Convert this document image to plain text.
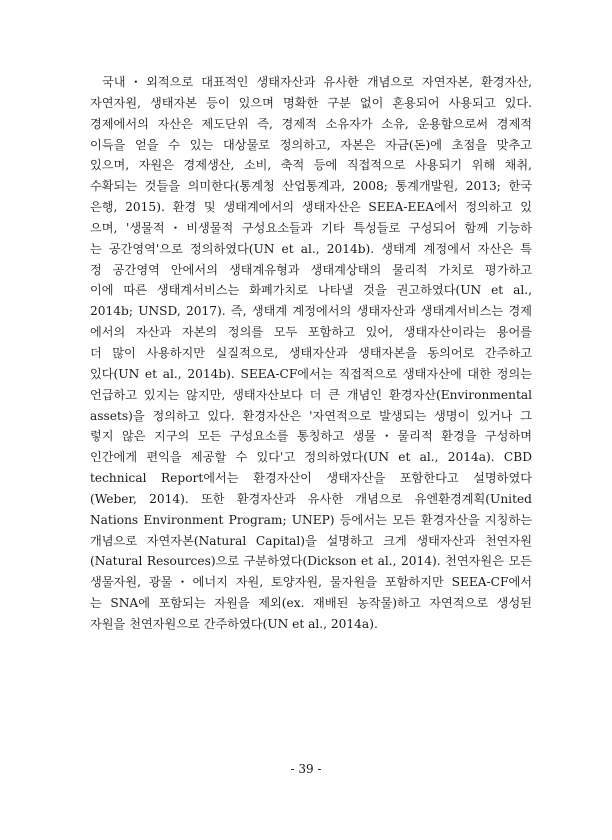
국내・외적으로 대표적인 생태자산과 유사한 개념으로 자연자본, 환경자산,
자연자원, 생태자본 등이 있으며 명확한 구분 없이 혼용되어 사용되고 있다.
경제에서의 자산은 제도단위 즉, 경제적 소유자가 소유, 운용함으로써 경제적
이득을 얻을 수 있는 대상물로 정의하고, 자본은 자금(돈)에 초점을 맞추고
있으며, 자원은 경제생산, 소비, 축적 등에 직접적으로 사용되기 위해 채취,
수확되는 것들을 의미한다(통계청 산업통계과, 2008; 통계개발원, 2013; 한국
은행, 2015). 환경 및 생태계에서의 생태자산은 SEEA-EEA에서 정의하고 있
으며, '생물적・비생물적 구성요소들과 기타 특성들로 구성되어 함께 기능하
는 공간영역'으로 정의하였다(UN et al., 2014b). 생태계 계정에서 자산은 특
정 공간영역 안에서의 생태계유형과 생태계상태의 물리적 가치로 평가하고
이에 따른 생태계서비스는 화폐가치로 나타낼 것을 권고하였다(UN et al.,
2014b; UNSD, 2017). 즉, 생태계 계정에서의 생태자산과 생태계서비스는 경제
에서의 자산과 자본의 정의를 모두 포함하고 있어, 생태자산이라는 용어를
더 많이 사용하지만 실질적으로, 생태자산과 생태자본을 동의어로 간주하고
있다(UN et al., 2014b). SEEA-CF에서는 직접적으로 생태자산에 대한 정의는
언급하고 있지는 않지만, 생태자산보다 더 큰 개념인 환경자산(Environmental
assets)을 정의하고 있다. 환경자산은 '자연적으로 발생되는 생명이 있거나 그
렇지 않은 지구의 모든 구성요소를 통칭하고 생물・물리적 환경을 구성하며
인간에게 편익을 제공할 수 있다'고 정의하였다(UN et al., 2014a). CBD
technical Report에서는 환경자산이 생태자산을 포함한다고 설명하였다
(Weber, 2014). 또한 환경자산과 유사한 개념으로 유엔환경계획(United
Nations Environment Program; UNEP) 등에서는 모든 환경자산을 지칭하는
개념으로 자연자본(Natural Capital)을 설명하고 크게 생태자산과 천연자원
(Natural Resources)으로 구분하였다(Dickson et al., 2014). 천연자원은 모든
생물자원, 광물・에너지 자원, 토양자원, 물자원을 포함하지만 SEEA-CF에서
는 SNA에 포함되는 자원을 제외(ex. 재배된 농작물)하고 자연적으로 생성된
자원을 천연자원으로 간주하였다(UN et al., 2014a).
- 39 -
